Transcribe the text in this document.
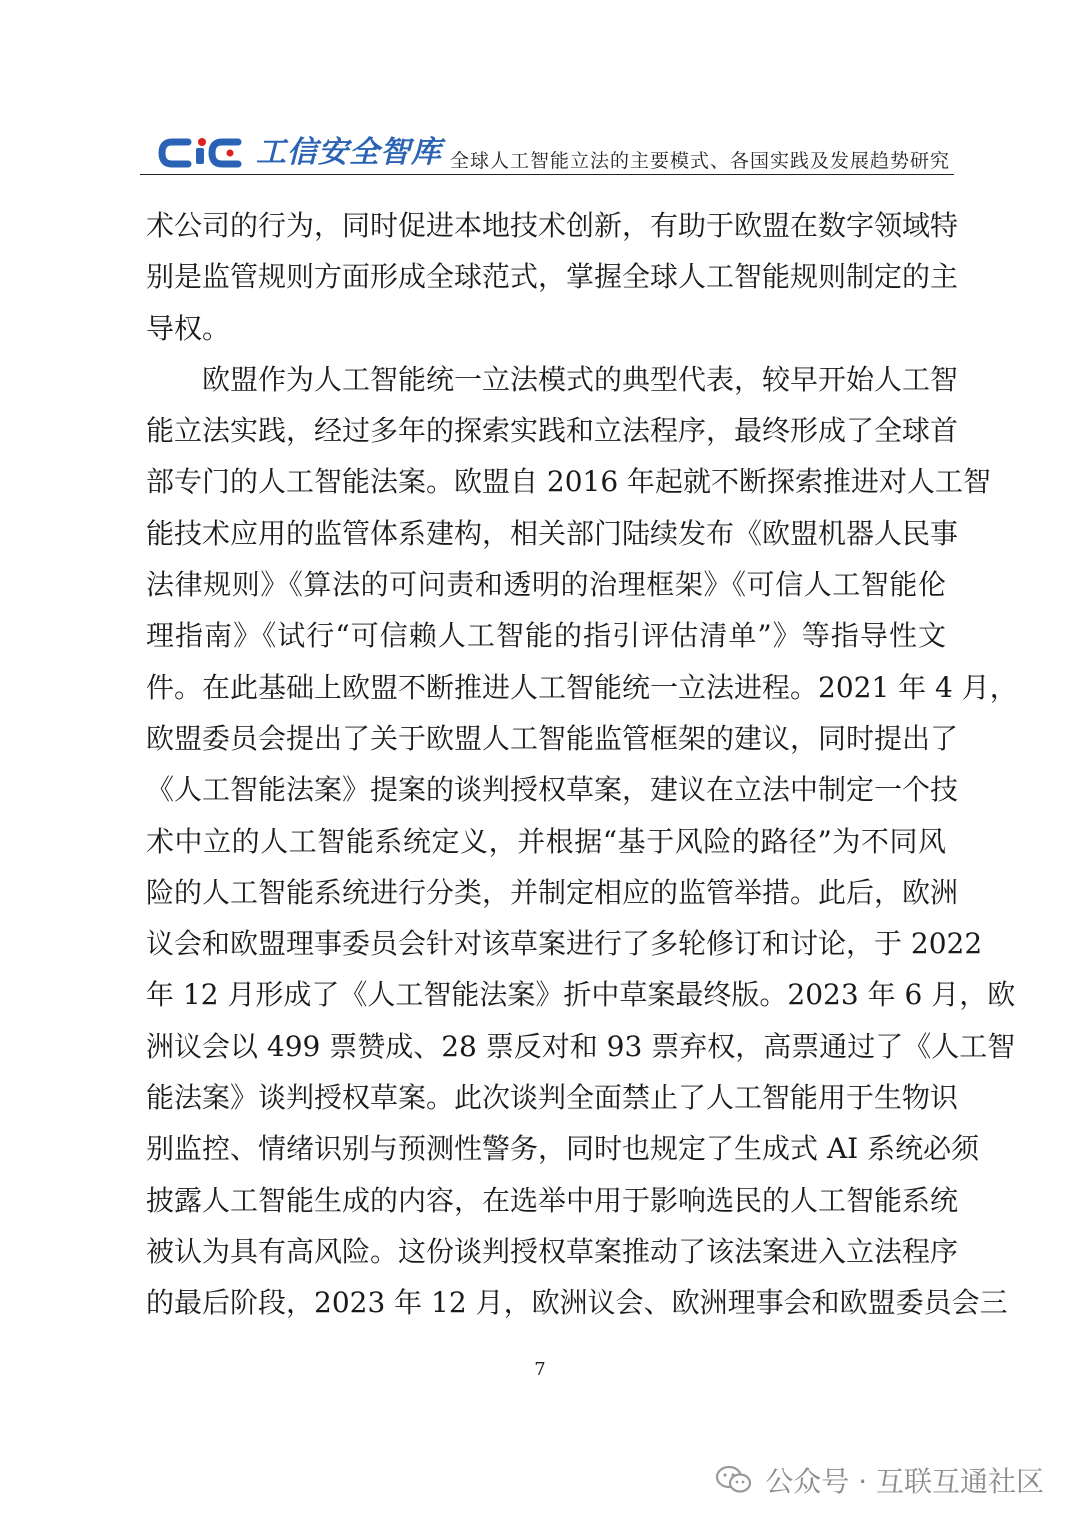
工信安全智库 全球人工智能立法的主要模式、各国实践及发展趋势研究
术公司的行为，同时促进本地技术创新，有助于欧盟在数字领域特
别是监管规则方面形成全球范式，掌握全球人工智能规则制定的主
导权。
欧盟作为人工智能统一立法模式的典型代表，较早开始人工智
能立法实践，经过多年的探索实践和立法程序，最终形成了全球首
部专门的人工智能法案。欧盟自 2016 年起就不断探索推进对人工智
能技术应用的监管体系建构，相关部门陆续发布《欧盟机器人民事
法律规则》《算法的可问责和透明的治理框架》《可信人工智能伦
理指南》《试行“可信赖人工智能的指引评估清单”》等指导性文
件。在此基础上欧盟不断推进人工智能统一立法进程。2021 年 4 月，
欧盟委员会提出了关于欧盟人工智能监管框架的建议，同时提出了
《人工智能法案》提案的谈判授权草案，建议在立法中制定一个技
术中立的人工智能系统定义，并根据“基于风险的路径”为不同风
险的人工智能系统进行分类，并制定相应的监管举措。此后，欧洲
议会和欧盟理事委员会针对该草案进行了多轮修订和讨论，于 2022
年 12 月形成了《人工智能法案》折中草案最终版。2023 年 6 月，欧
洲议会以 499 票赞成、28 票反对和 93 票弃权，高票通过了《人工智
能法案》谈判授权草案。此次谈判全面禁止了人工智能用于生物识
别监控、情绪识别与预测性警务，同时也规定了生成式 AI 系统必须
披露人工智能生成的内容，在选举中用于影响选民的人工智能系统
被认为具有高风险。这份谈判授权草案推动了该法案进入立法程序
的最后阶段，2023 年 12 月，欧洲议会、欧洲理事会和欧盟委员会三
7
公众号 · 互联互通社区
